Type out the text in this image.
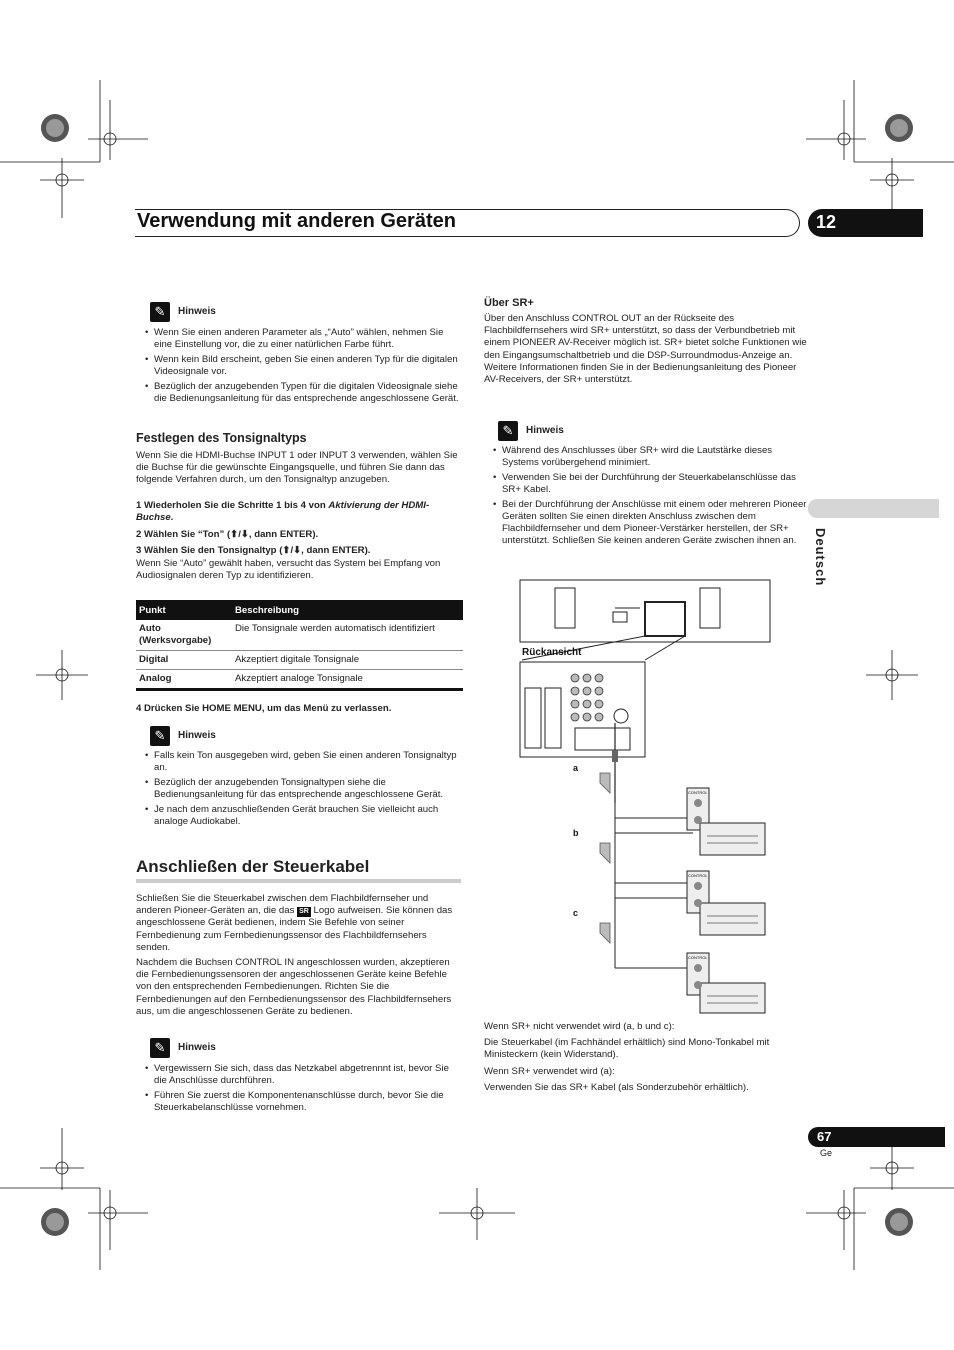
Verwendung mit anderen Geräten	12
Deutsch
✎	Hinweis
• Wenn Sie einen anderen Parameter als „“Auto” wählen, nehmen Sie eine Einstellung vor, die zu einer natürlichen Farbe führt.
• Wenn kein Bild erscheint, geben Sie einen anderen Typ für die digitalen Videosignale vor.
• Bezüglich der anzugebenden Typen für die digitalen Videosignale siehe die Bedienungsanleitung für das entsprechende angeschlossene Gerät.
Festlegen des Tonsignaltyps
Wenn Sie die HDMI-Buchse INPUT 1 oder INPUT 3 verwenden, wählen Sie die Buchse für die gewünschte Eingangsquelle, und führen Sie dann das folgende Verfahren durch, um den Tonsignaltyp anzugeben.
1 Wiederholen Sie die Schritte 1 bis 4 von Aktivierung der HDMI-Buchse.
2 Wählen Sie “Ton” (⬆/⬇, dann ENTER).
3 Wählen Sie den Tonsignaltyp (⬆/⬇, dann ENTER).
Wenn Sie “Auto” gewählt haben, versucht das System bei Empfang von Audiosignalen deren Typ zu identifizieren.
Punkt	Beschreibung
Auto (Werksvorgabe)	Die Tonsignale werden automatisch identifiziert
Digital	Akzeptiert digitale Tonsignale
Analog	Akzeptiert analoge Tonsignale
4 Drücken Sie HOME MENU, um das Menü zu verlassen.
✎	Hinweis
• Falls kein Ton ausgegeben wird, geben Sie einen anderen Tonsignaltyp an.
• Bezüglich der anzugebenden Tonsignaltypen siehe die Bedienungsanleitung für das entsprechende angeschlossene Gerät.
• Je nach dem anzuschließenden Gerät brauchen Sie vielleicht auch analoge Audiokabel.
Anschließen der Steuerkabel
Schließen Sie die Steuerkabel zwischen dem Flachbildfernseher und anderen Pioneer-Geräten an, die das SR Logo aufweisen. Sie können das angeschlossene Gerät bedienen, indem Sie Befehle von seiner Fernbedienung zum Fernbedienungssensor des Flachbildfernsehers senden.
Nachdem die Buchsen CONTROL IN angeschlossen wurden, akzeptieren die Fernbedienungssensoren der angeschlossenen Geräte keine Befehle von den entsprechenden Fernbedienungen. Richten Sie die Fernbedienungen auf den Fernbedienungssensor des Flachbildfernsehers aus, um die angeschlossenen Geräte zu bedienen.
✎	Hinweis
• Vergewissern Sie sich, dass das Netzkabel abgetrennnt ist, bevor Sie die Anschlüsse durchführen.
• Führen Sie zuerst die Komponentenanschlüsse durch, bevor Sie die Steuerkabelanschlüsse vornehmen.
Über SR+
Über den Anschluss CONTROL OUT an der Rückseite des Flachbildfernsehers wird SR+ unterstützt, so dass der Verbundbetrieb mit einem PIONEER AV-Receiver möglich ist. SR+ bietet solche Funktionen wie den Eingangsumschaltbetrieb und die DSP-Surroundmodus-Anzeige an. Weitere Informationen finden Sie in der Bedienungsanleitung des Pioneer AV-Receivers, der SR+ unterstützt.
✎	Hinweis
• Während des Anschlusses über SR+ wird die Lautstärke dieses Systems vorübergehend minimiert.
• Verwenden Sie bei der Durchführung der Steuerkabelanschlüsse das SR+ Kabel.
• Bei der Durchführung der Anschlüsse mit einem oder mehreren Pioneer Geräten sollten Sie einen direkten Anschluss zwischen dem Flachbildfernseher und dem Pioneer-Verstärker herstellen, der SR+ unterstützt. Schließen Sie keinen anderen Geräte zwischen ihnen an.
Rückansicht
a
b
c
CONTROL
CONTROL
CONTROL
Wenn SR+ nicht verwendet wird (a, b und c):
Die Steuerkabel (im Fachhändel erhältlich) sind Mono-Tonkabel mit Ministeckern (kein Widerstand).
Wenn SR+ verwendet wird (a):
Verwenden Sie das SR+ Kabel (als Sonderzubehör erhältlich).
67
Ge
